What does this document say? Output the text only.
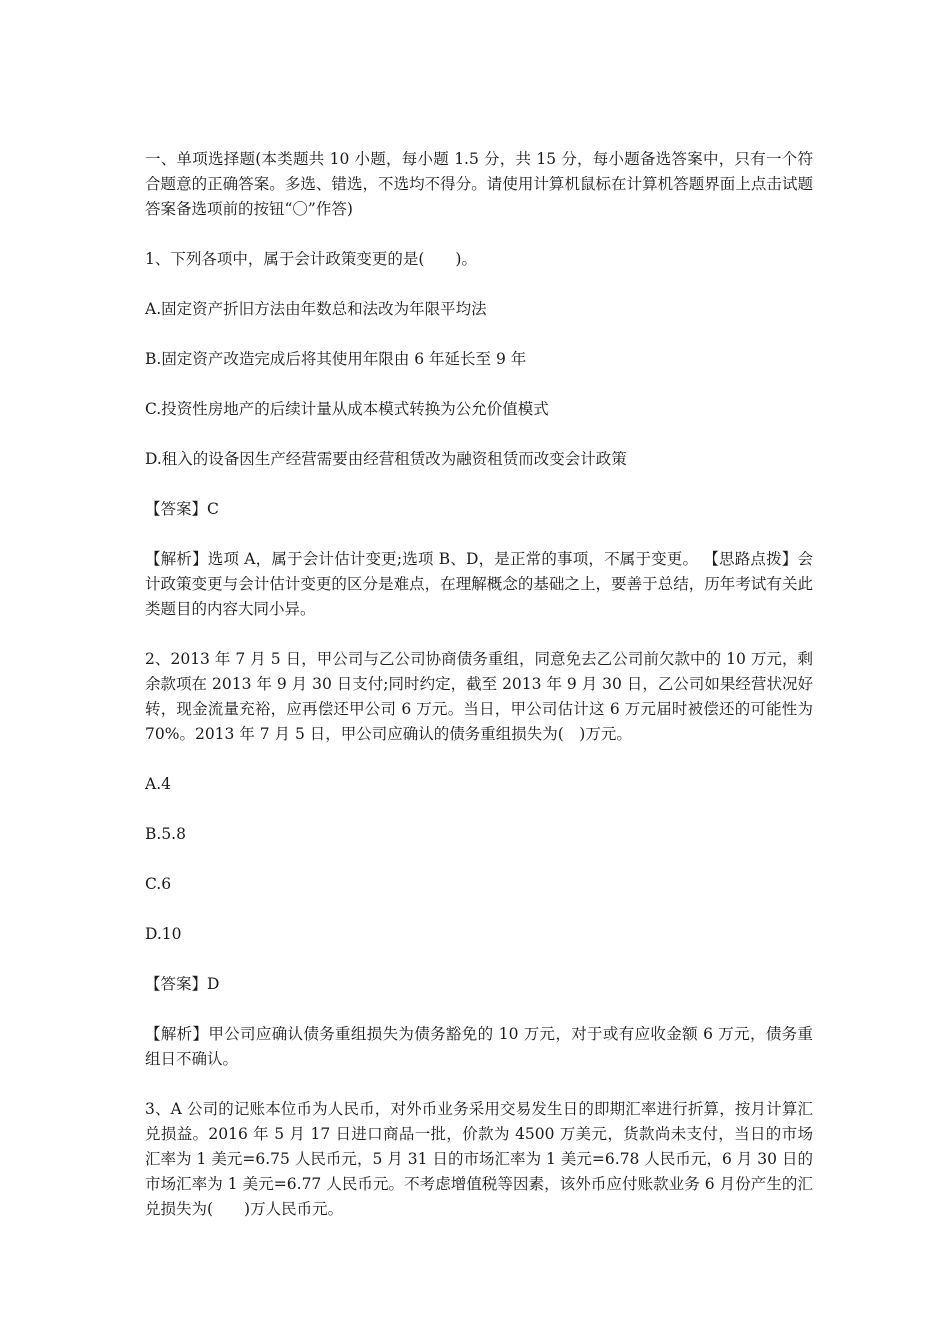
一、单项选择题(本类题共 10 小题，每小题 1.5 分，共 15 分，每小题备选答案中，只有一个符合题意的正确答案。多选、错选，不选均不得分。请使用计算机鼠标在计算机答题界面上点击试题答案备选项前的按钮“〇”作答)

1、下列各项中，属于会计政策变更的是(　　)。

A.固定资产折旧方法由年数总和法改为年限平均法

B.固定资产改造完成后将其使用年限由 6 年延长至 9 年

C.投资性房地产的后续计量从成本模式转换为公允价值模式

D.租入的设备因生产经营需要由经营租赁改为融资租赁而改变会计政策

【答案】C

【解析】选项 A，属于会计估计变更;选项 B、D，是正常的事项，不属于变更。 【思路点拨】会计政策变更与会计估计变更的区分是难点，在理解概念的基础之上，要善于总结，历年考试有关此类题目的内容大同小异。

2、2013 年 7 月 5 日，甲公司与乙公司协商债务重组，同意免去乙公司前欠款中的 10 万元，剩余款项在 2013 年 9 月 30 日支付;同时约定，截至 2013 年 9 月 30 日，乙公司如果经营状况好转，现金流量充裕，应再偿还甲公司 6 万元。当日，甲公司估计这 6 万元届时被偿还的可能性为 70%。2013 年 7 月 5 日，甲公司应确认的债务重组损失为(　)万元。

A.4

B.5.8

C.6

D.10

【答案】D

【解析】甲公司应确认债务重组损失为债务豁免的 10 万元，对于或有应收金额 6 万元，债务重组日不确认。

3、A 公司的记账本位币为人民币，对外币业务采用交易发生日的即期汇率进行折算，按月计算汇兑损益。2016 年 5 月 17 日进口商品一批，价款为 4500 万美元，货款尚未支付，当日的市场汇率为 1 美元=6.75 人民币元，5 月 31 日的市场汇率为 1 美元=6.78 人民币元，6 月 30 日的市场汇率为 1 美元=6.77 人民币元。不考虑增值税等因素，该外币应付账款业务 6 月份产生的汇兑损失为(　　)万人民币元。
